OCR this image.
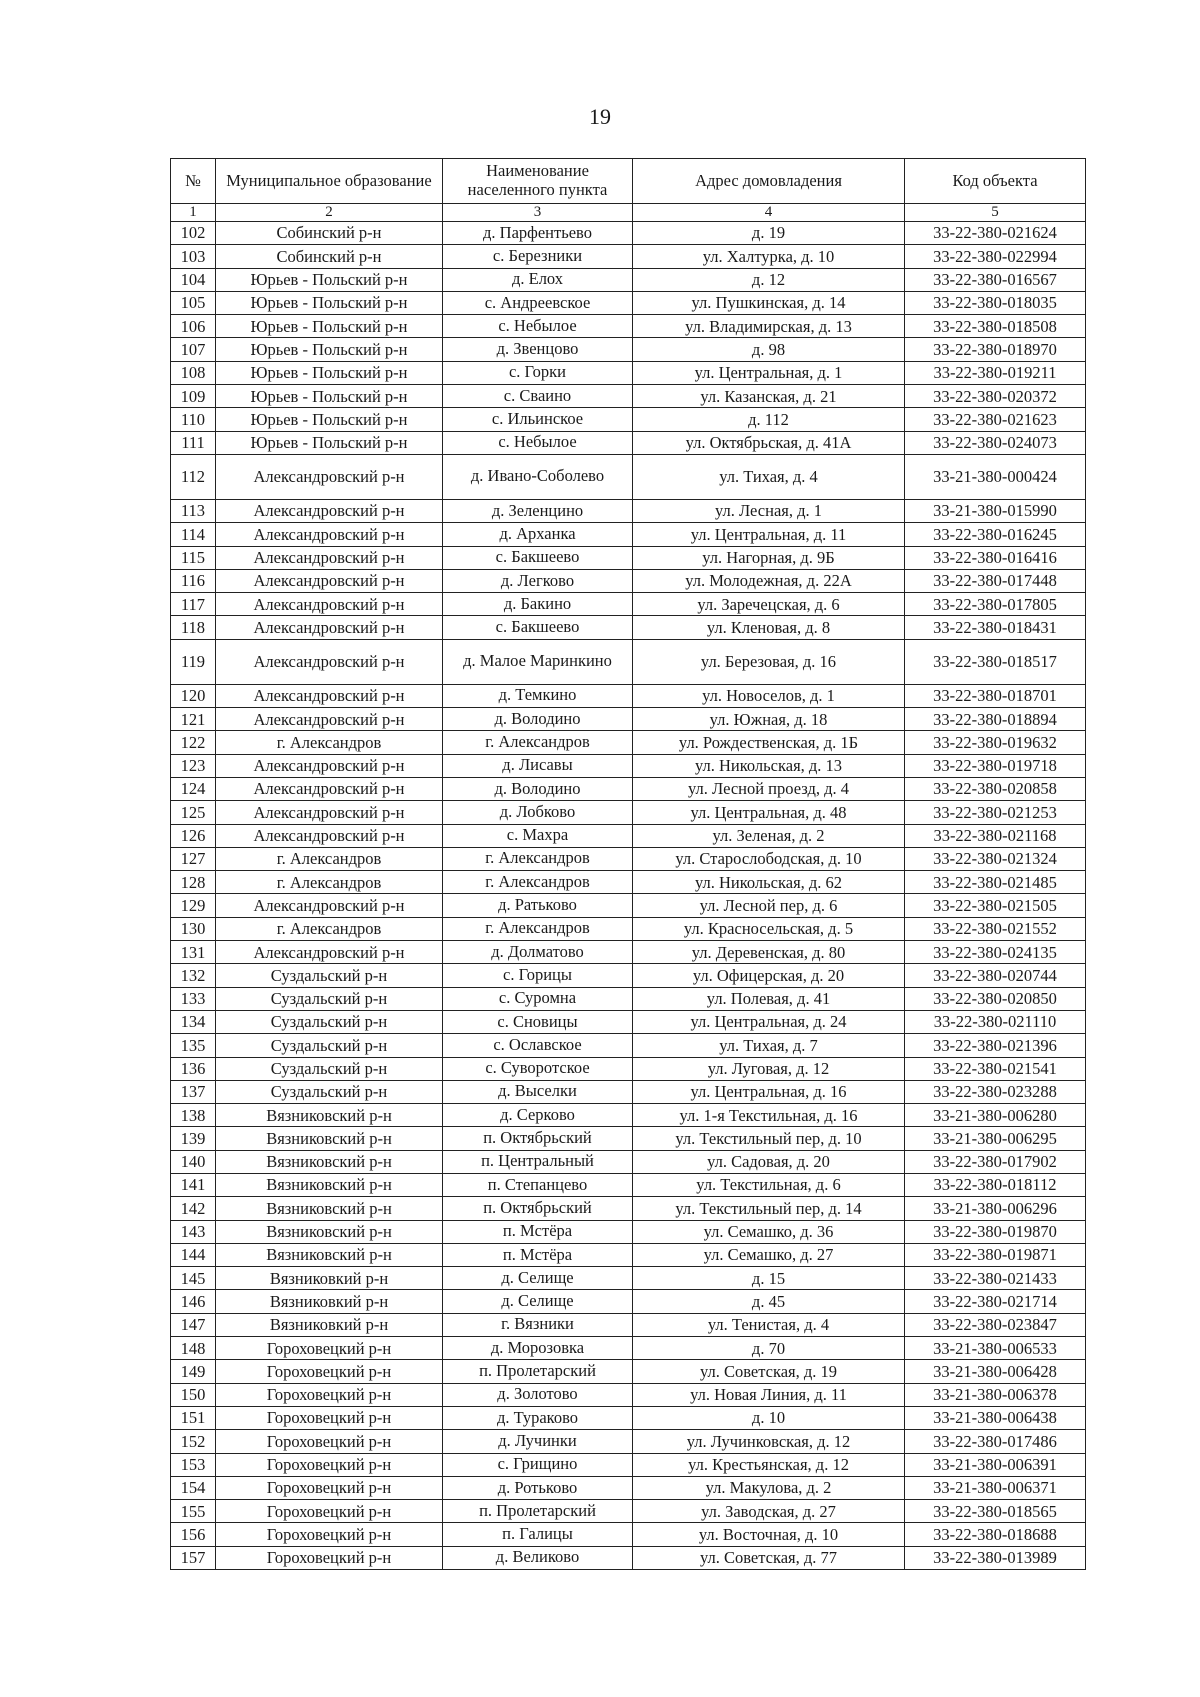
19
№	Муниципальное образование	Наименование населенного пункта	Адрес домовладения	Код объекта
1	2	3	4	5
102	Собинский р-н	д. Парфентьево	д. 19	33-22-380-021624
103	Собинский р-н	с. Березники	ул. Халтурка, д. 10	33-22-380-022994
104	Юрьев - Польский р-н	д. Елох	д. 12	33-22-380-016567
105	Юрьев - Польский р-н	с. Андреевское	ул. Пушкинская, д. 14	33-22-380-018035
106	Юрьев - Польский р-н	с. Небылое	ул. Владимирская, д. 13	33-22-380-018508
107	Юрьев - Польский р-н	д. Звенцово	д. 98	33-22-380-018970
108	Юрьев - Польский р-н	с. Горки	ул. Центральная, д. 1	33-22-380-019211
109	Юрьев - Польский р-н	с. Сваино	ул. Казанская, д. 21	33-22-380-020372
110	Юрьев - Польский р-н	с. Ильинское	д. 112	33-22-380-021623
111	Юрьев - Польский р-н	с. Небылое	ул. Октябрьская, д. 41А	33-22-380-024073
112	Александровский р-н	д. Ивано-Соболево	ул. Тихая, д. 4	33-21-380-000424
113	Александровский р-н	д. Зеленцино	ул. Лесная, д. 1	33-21-380-015990
114	Александровский р-н	д. Арханка	ул. Центральная, д. 11	33-22-380-016245
115	Александровский р-н	с. Бакшеево	ул. Нагорная, д. 9Б	33-22-380-016416
116	Александровский р-н	д. Легково	ул. Молодежная, д. 22А	33-22-380-017448
117	Александровский р-н	д. Бакино	ул. Заречецская, д. 6	33-22-380-017805
118	Александровский р-н	с. Бакшеево	ул. Кленовая, д. 8	33-22-380-018431
119	Александровский р-н	д. Малое Маринкино	ул. Березовая, д. 16	33-22-380-018517
120	Александровский р-н	д. Темкино	ул. Новоселов, д. 1	33-22-380-018701
121	Александровский р-н	д. Володино	ул. Южная, д. 18	33-22-380-018894
122	г. Александров	г. Александров	ул. Рождественская, д. 1Б	33-22-380-019632
123	Александровский р-н	д. Лисавы	ул. Никольская, д. 13	33-22-380-019718
124	Александровский р-н	д. Володино	ул. Лесной проезд, д. 4	33-22-380-020858
125	Александровский р-н	д. Лобково	ул. Центральная, д. 48	33-22-380-021253
126	Александровский р-н	с. Махра	ул. Зеленая, д. 2	33-22-380-021168
127	г. Александров	г. Александров	ул. Старослободская, д. 10	33-22-380-021324
128	г. Александров	г. Александров	ул. Никольская, д. 62	33-22-380-021485
129	Александровский р-н	д. Ратьково	ул. Лесной пер, д. 6	33-22-380-021505
130	г. Александров	г. Александров	ул. Красносельская, д. 5	33-22-380-021552
131	Александровский р-н	д. Долматово	ул. Деревенская, д. 80	33-22-380-024135
132	Суздальский р-н	с. Горицы	ул. Офицерская, д. 20	33-22-380-020744
133	Суздальский р-н	с. Суромна	ул. Полевая, д. 41	33-22-380-020850
134	Суздальский р-н	с. Сновицы	ул. Центральная, д. 24	33-22-380-021110
135	Суздальский р-н	с. Ославское	ул. Тихая, д. 7	33-22-380-021396
136	Суздальский р-н	с. Суворотское	ул. Луговая, д. 12	33-22-380-021541
137	Суздальский р-н	д. Выселки	ул. Центральная, д. 16	33-22-380-023288
138	Вязниковский р-н	д. Серково	ул. 1-я Текстильная, д. 16	33-21-380-006280
139	Вязниковский р-н	п. Октябрьский	ул. Текстильный пер, д. 10	33-21-380-006295
140	Вязниковский р-н	п. Центральный	ул. Садовая, д. 20	33-22-380-017902
141	Вязниковский р-н	п. Степанцево	ул. Текстильная, д. 6	33-22-380-018112
142	Вязниковский р-н	п. Октябрьский	ул. Текстильный пер, д. 14	33-21-380-006296
143	Вязниковский р-н	п. Мстёра	ул. Семашко, д. 36	33-22-380-019870
144	Вязниковский р-н	п. Мстёра	ул. Семашко, д. 27	33-22-380-019871
145	Вязниковкий р-н	д. Селище	д. 15	33-22-380-021433
146	Вязниковкий р-н	д. Селище	д. 45	33-22-380-021714
147	Вязниковкий р-н	г. Вязники	ул. Тенистая, д. 4	33-22-380-023847
148	Гороховецкий р-н	д. Морозовка	д. 70	33-21-380-006533
149	Гороховецкий р-н	п. Пролетарский	ул. Советская, д. 19	33-21-380-006428
150	Гороховецкий р-н	д. Золотово	ул. Новая Линия, д. 11	33-21-380-006378
151	Гороховецкий р-н	д. Тураково	д. 10	33-21-380-006438
152	Гороховецкий р-н	д. Лучинки	ул. Лучинковская, д. 12	33-22-380-017486
153	Гороховецкий р-н	с. Грищино	ул. Крестьянская, д. 12	33-21-380-006391
154	Гороховецкий р-н	д. Ротьково	ул. Макулова, д. 2	33-21-380-006371
155	Гороховецкий р-н	п. Пролетарский	ул. Заводская, д. 27	33-22-380-018565
156	Гороховецкий р-н	п. Галицы	ул. Восточная, д. 10	33-22-380-018688
157	Гороховецкий р-н	д. Великово	ул. Советская, д. 77	33-22-380-013989
